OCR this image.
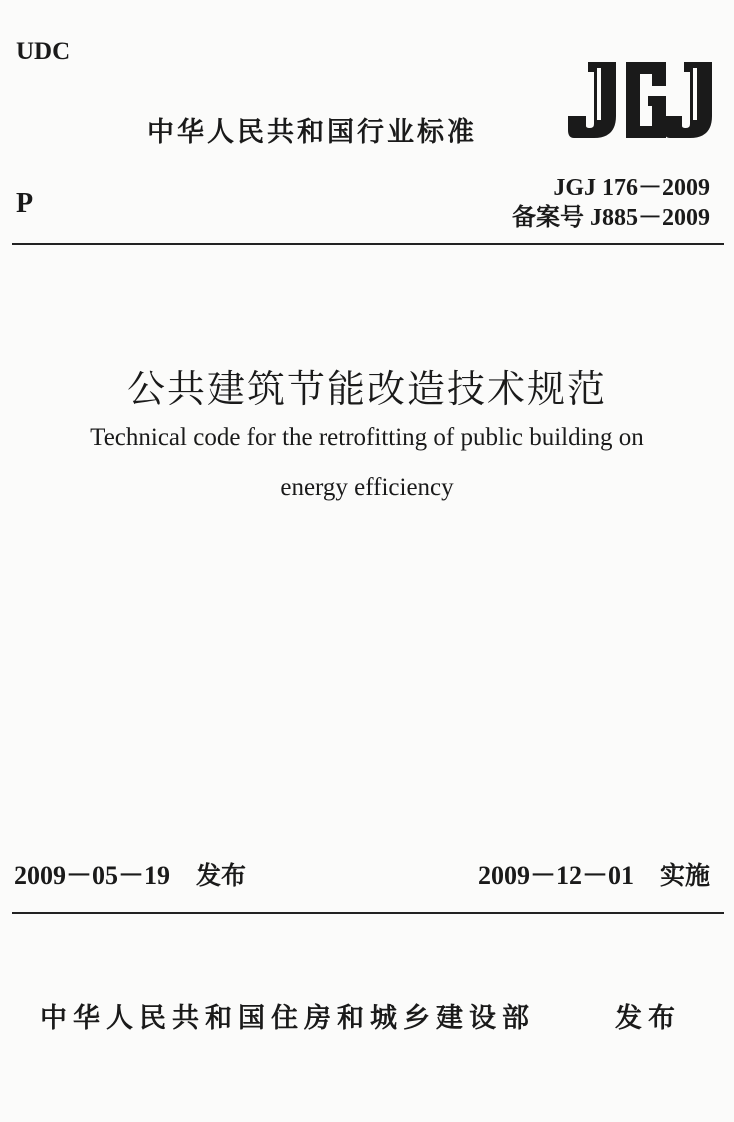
UDC
中华人民共和国行业标准
P	JGJ 176－2009
备案号 J885－2009
公共建筑节能改造技术规范
Technical code for the retrofitting of public building on
energy efficiency
2009－05－19 发布	2009－12－01 实施
中华人民共和国住房和城乡建设部	发布
